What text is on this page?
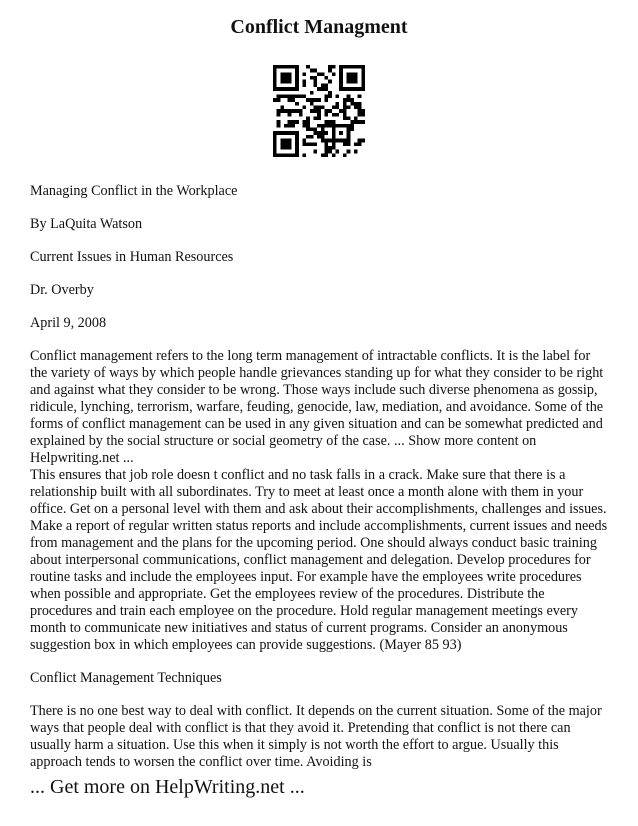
Conflict Managment

Managing Conflict in the Workplace

By LaQuita Watson

Current Issues in Human Resources

Dr. Overby

April 9, 2008

Conflict management refers to the long term management of intractable conflicts. It is the label for the variety of ways by which people handle grievances standing up for what they consider to be right and against what they consider to be wrong. Those ways include such diverse phenomena as gossip, ridicule, lynching, terrorism, warfare, feuding, genocide, law, mediation, and avoidance. Some of the forms of conflict management can be used in any given situation and can be somewhat predicted and explained by the social structure or social geometry of the case. ... Show more content on Helpwriting.net ...

This ensures that job role doesn t conflict and no task falls in a crack. Make sure that there is a relationship built with all subordinates. Try to meet at least once a month alone with them in your office. Get on a personal level with them and ask about their accomplishments, challenges and issues. Make a report of regular written status reports and include accomplishments, current issues and needs from management and the plans for the upcoming period. One should always conduct basic training about interpersonal communications, conflict management and delegation. Develop procedures for routine tasks and include the employees input. For example have the employees write procedures when possible and appropriate. Get the employees review of the procedures. Distribute the procedures and train each employee on the procedure. Hold regular management meetings every month to communicate new initiatives and status of current programs. Consider an anonymous suggestion box in which employees can provide suggestions. (Mayer 85 93)

Conflict Management Techniques

There is no one best way to deal with conflict. It depends on the current situation. Some of the major ways that people deal with conflict is that they avoid it. Pretending that conflict is not there can usually harm a situation. Use this when it simply is not worth the effort to argue. Usually this approach tends to worsen the conflict over time. Avoiding is

... Get more on HelpWriting.net ...
